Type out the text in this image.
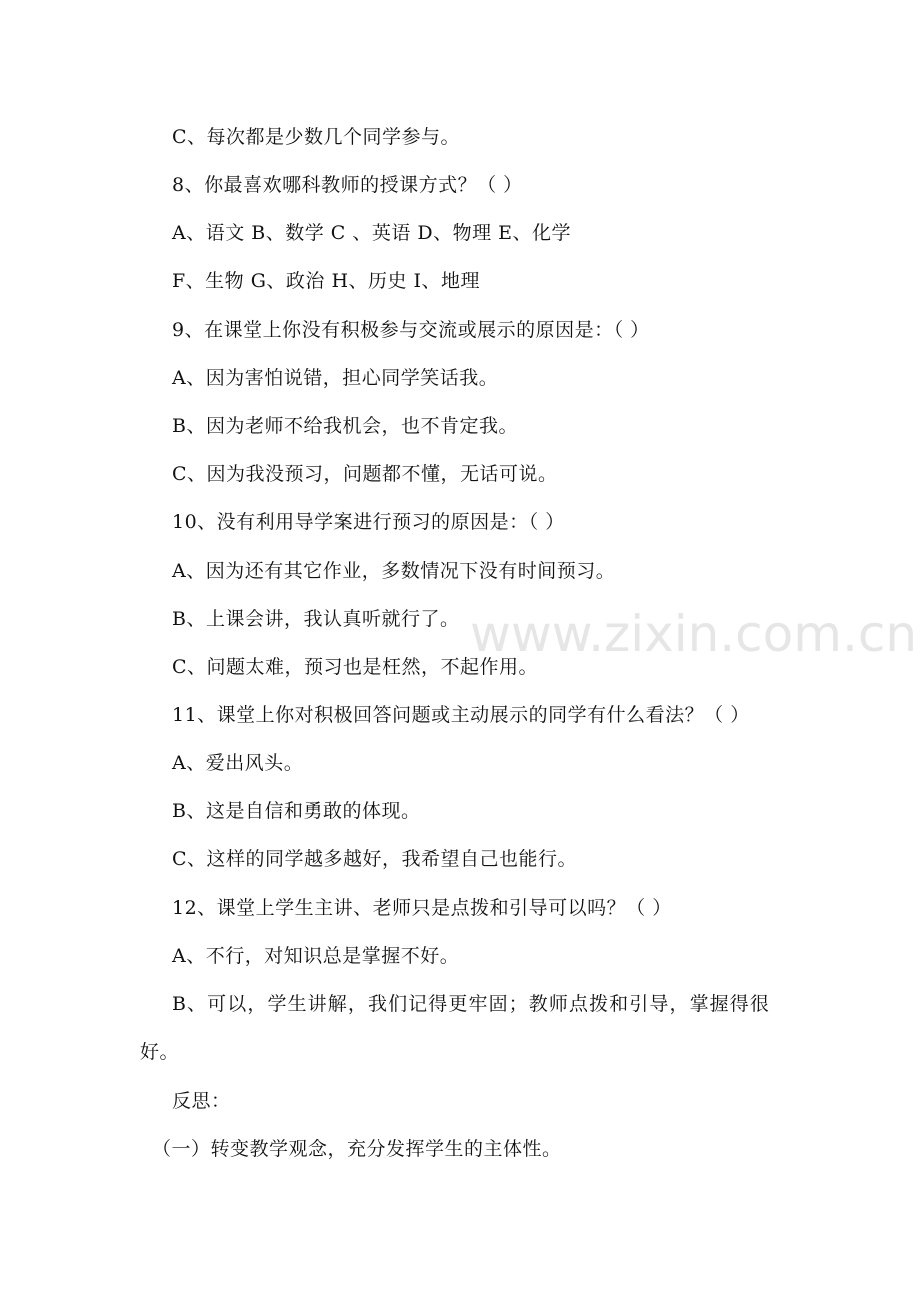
www.zixin.com.cn
C、每次都是少数几个同学参与。
8、你最喜欢哪科教师的授课方式？（ ）
A、语文 B、数学 C 、英语 D、物理 E、化学
F、生物 G、政治 H、历史 I、地理
9、在课堂上你没有积极参与交流或展示的原因是：（ ）
A、因为害怕说错，担心同学笑话我。
B、因为老师不给我机会，也不肯定我。
C、因为我没预习，问题都不懂，无话可说。
10、没有利用导学案进行预习的原因是：（ ）
A、因为还有其它作业，多数情况下没有时间预习。
B、上课会讲，我认真听就行了。
C、问题太难，预习也是枉然，不起作用。
11、课堂上你对积极回答问题或主动展示的同学有什么看法？（ ）
A、爱出风头。
B、这是自信和勇敢的体现。
C、这样的同学越多越好，我希望自己也能行。
12、课堂上学生主讲、老师只是点拨和引导可以吗？（ ）
A、不行，对知识总是掌握不好。
B、可以，学生讲解，我们记得更牢固；教师点拨和引导，掌握得很
好。
反思：
（一）转变教学观念，充分发挥学生的主体性。
